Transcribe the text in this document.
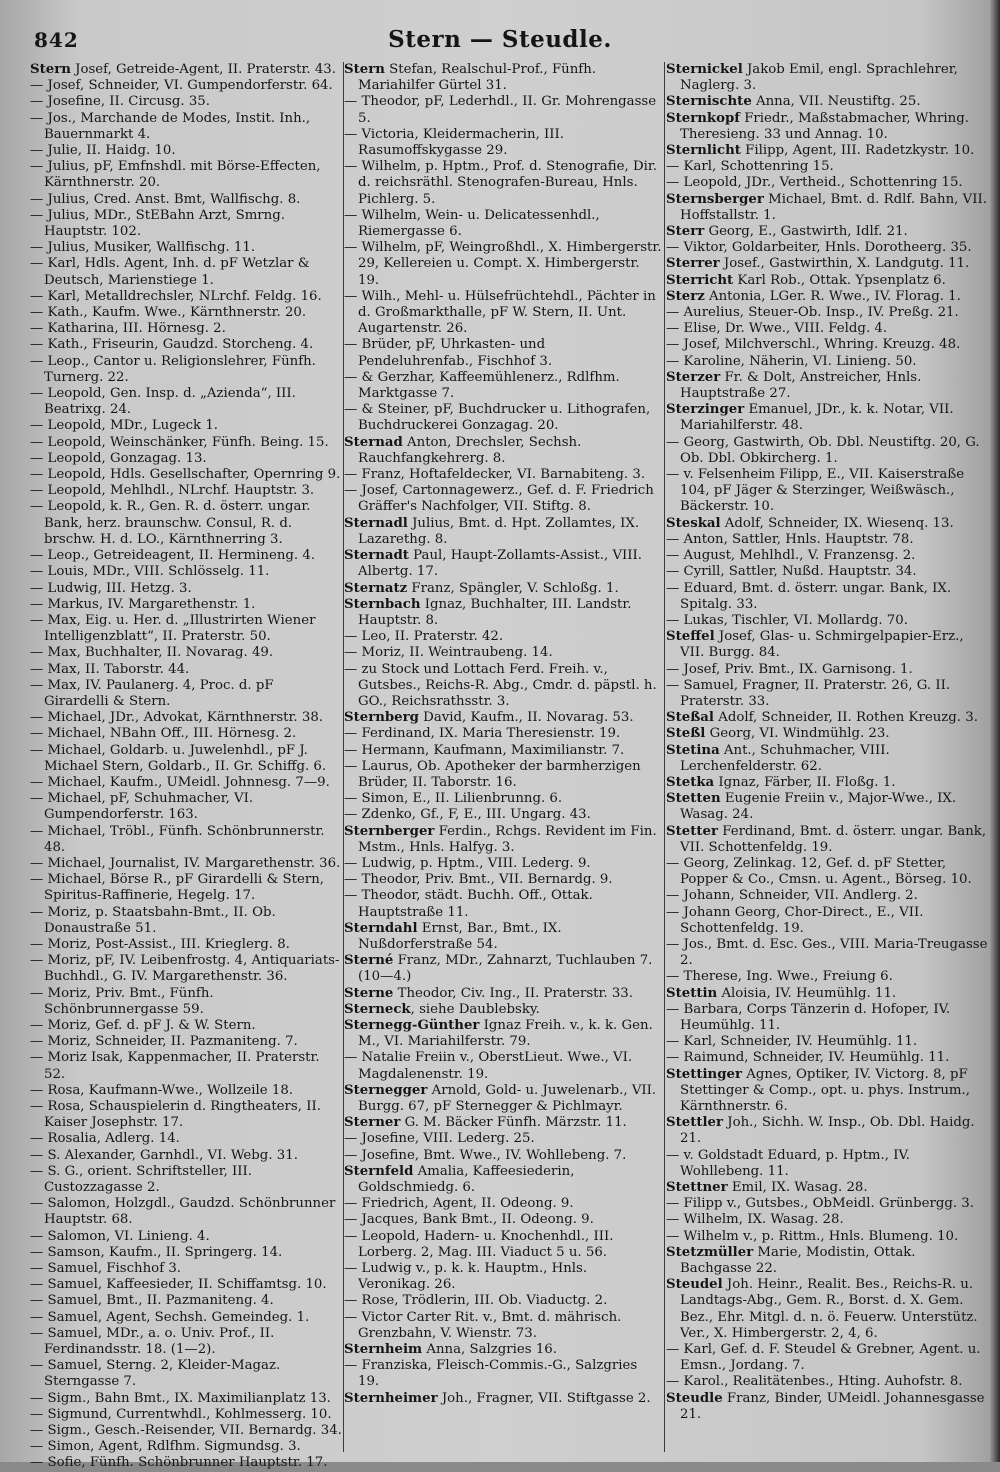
842	Stern — Steudle.

Stern Josef, Getreide-Agent, II. Praterstr. 43.

— Josef, Schneider, VI. Gumpendorferstr. 64.

— Josefine, II. Circusg. 35.

— Jos., Marchande de Modes, Instit. Inh., Bauernmarkt 4.

— Julie, II. Haidg. 10.

— Julius, pF, Emfnshdl. mit Börse-Effecten, Kärnthnerstr. 20.

— Julius, Cred. Anst. Bmt, Wallfischg. 8.

— Julius, MDr., StEBahn Arzt, Smrng. Hauptstr. 102.

— Julius, Musiker, Wallfischg. 11.

— Karl, Hdls. Agent, Inh. d. pF Wetzlar & Deutsch, Marienstiege 1.

— Karl, Metalldrechsler, NLrchf. Feldg. 16.

— Kath., Kaufm. Wwe., Kärnthnerstr. 20.

— Katharina, III. Hörnesg. 2.

— Kath., Friseurin, Gaudzd. Storcheng. 4.

— Leop., Cantor u. Religionslehrer, Fünfh. Turnerg. 22.

— Leopold, Gen. Insp. d. „Azienda“, III. Beatrixg. 24.

— Leopold, MDr., Lugeck 1.

— Leopold, Weinschänker, Fünfh. Being. 15.

— Leopold, Gonzagag. 13.

— Leopold, Hdls. Gesellschafter, Opernring 9.

— Leopold, Mehlhdl., NLrchf. Hauptstr. 3.

— Leopold, k. R., Gen. R. d. österr. ungar. Bank, herz. braunschw. Consul, R. d. brschw. H. d. LO., Kärnthnerring 3.

— Leop., Getreideagent, II. Hermineng. 4.

— Louis, MDr., VIII. Schlösselg. 11.

— Ludwig, III. Hetzg. 3.

— Markus, IV. Margarethenstr. 1.

— Max, Eig. u. Her. d. „Illustrirten Wiener Intelligenzblatt“, II. Praterstr. 50.

— Max, Buchhalter, II. Novarag. 49.

— Max, II. Taborstr. 44.

— Max, IV. Paulanerg. 4, Proc. d. pF Girardelli & Stern.

— Michael, JDr., Advokat, Kärnthnerstr. 38.

— Michael, NBahn Off., III. Hörnesg. 2.

— Michael, Goldarb. u. Juwelenhdl., pF J. Michael Stern, Goldarb., II. Gr. Schiffg. 6.

— Michael, Kaufm., UMeidl. Johnnesg. 7—9.

— Michael, pF, Schuhmacher, VI. Gumpendorferstr. 163.

— Michael, Tröbl., Fünfh. Schönbrunnerstr. 48.

— Michael, Journalist, IV. Margarethenstr. 36.

— Michael, Börse R., pF Girardelli & Stern, Spiritus-Raffinerie, Hegelg. 17.

— Moriz, p. Staatsbahn-Bmt., II. Ob. Donaustraße 51.

— Moriz, Post-Assist., III. Krieglerg. 8.

— Moriz, pF, IV. Leibenfrostg. 4, Antiquariats-Buchhdl., G. IV. Margarethenstr. 36.

— Moriz, Priv. Bmt., Fünfh. Schönbrunnergasse 59.

— Moriz, Gef. d. pF J. & W. Stern.

— Moriz, Schneider, II. Pazmaniteng. 7.

— Moriz Isak, Kappenmacher, II. Praterstr. 52.

— Rosa, Kaufmann-Wwe., Wollzeile 18.

— Rosa, Schauspielerin d. Ringtheaters, II. Kaiser Josephstr. 17.

— Rosalia, Adlerg. 14.

— S. Alexander, Garnhdl., VI. Webg. 31.

— S. G., orient. Schriftsteller, III. Custozzagasse 2.

— Salomon, Holzgdl., Gaudzd. Schönbrunner Hauptstr. 68.

— Salomon, VI. Linieng. 4.

— Samson, Kaufm., II. Springerg. 14.

— Samuel, Fischhof 3.

— Samuel, Kaffeesieder, II. Schiffamtsg. 10.

— Samuel, Bmt., II. Pazmaniteng. 4.

— Samuel, Agent, Sechsh. Gemeindeg. 1.

— Samuel, MDr., a. o. Univ. Prof., II. Ferdinandsstr. 18. (1—2).

— Samuel, Sterng. 2, Kleider-Magaz. Sterngasse 7.

— Sigm., Bahn Bmt., IX. Maximilianplatz 13.

— Sigmund, Currentwhdl., Kohlmesserg. 10.

— Sigm., Gesch.-Reisender, VII. Bernardg. 34.

— Simon, Agent, Rdlfhm. Sigmundsg. 3.

— Sofie, Fünfh. Schönbrunner Hauptstr. 17.

Stern Stefan, Realschul-Prof., Fünfh. Mariahilfer Gürtel 31.

— Theodor, pF, Lederhdl., II. Gr. Mohrengasse 5.

— Victoria, Kleidermacherin, III. Rasumoffskygasse 29.

— Wilhelm, p. Hptm., Prof. d. Stenografie, Dir. d. reichsräthl. Stenografen-Bureau, Hnls. Pichlerg. 5.

— Wilhelm, Wein- u. Delicatessenhdl., Riemergasse 6.

— Wilhelm, pF, Weingroßhdl., X. Himbergerstr. 29, Kellereien u. Compt. X. Himbergerstr. 19.

— Wilh., Mehl- u. Hülsefrüchtehdl., Pächter in d. Großmarkthalle, pF W. Stern, II. Unt. Augartenstr. 26.

— Brüder, pF, Uhrkasten- und Pendeluhrenfab., Fischhof 3.

— & Gerzhar, Kaffeemühlenerz., Rdlfhm. Marktgasse 7.

— & Steiner, pF, Buchdrucker u. Lithografen, Buchdruckerei Gonzagag. 20.

Sternad Anton, Drechsler, Sechsh. Rauchfangkehrerg. 8.

— Franz, Hoftafeldecker, VI. Barnabiteng. 3.

— Josef, Cartonnagewerz., Gef. d. F. Friedrich Gräffer's Nachfolger, VII. Stiftg. 8.

Sternadl Julius, Bmt. d. Hpt. Zollamtes, IX. Lazarethg. 8.

Sternadt Paul, Haupt-Zollamts-Assist., VIII. Albertg. 17.

Sternatz Franz, Spängler, V. Schloßg. 1.

Sternbach Ignaz, Buchhalter, III. Landstr. Hauptstr. 8.

— Leo, II. Praterstr. 42.

— Moriz, II. Weintraubeng. 14.

— zu Stock und Lottach Ferd. Freih. v., Gutsbes., Reichs-R. Abg., Cmdr. d. päpstl. h. GO., Reichsrathsstr. 3.

Sternberg David, Kaufm., II. Novarag. 53.

— Ferdinand, IX. Maria Theresienstr. 19.

— Hermann, Kaufmann, Maximilianstr. 7.

— Laurus, Ob. Apotheker der barmherzigen Brüder, II. Taborstr. 16.

— Simon, E., II. Lilienbrunng. 6.

— Zdenko, Gf., F, E., III. Ungarg. 43.

Sternberger Ferdin., Rchgs. Revident im Fin. Mstm., Hnls. Halfyg. 3.

— Ludwig, p. Hptm., VIII. Lederg. 9.

— Theodor, Priv. Bmt., VII. Bernardg. 9.

— Theodor, städt. Buchh. Off., Ottak. Hauptstraße 11.

Sterndahl Ernst, Bar., Bmt., IX. Nußdorferstraße 54.

Sterné Franz, MDr., Zahnarzt, Tuchlauben 7. (10—4.)

Sterne Theodor, Civ. Ing., II. Praterstr. 33.

Sterneck, siehe Daublebsky.

Sternegg-Günther Ignaz Freih. v., k. k. Gen. M., VI. Mariahilferstr. 79.

— Natalie Freiin v., OberstLieut. Wwe., VI. Magdalenenstr. 19.

Sternegger Arnold, Gold- u. Juwelenarb., VII. Burgg. 67, pF Sternegger & Pichlmayr.

Sterner G. M. Bäcker Fünfh. Märzstr. 11.

— Josefine, VIII. Lederg. 25.

— Josefine, Bmt. Wwe., IV. Wohllebeng. 7.

Sternfeld Amalia, Kaffeesiederin, Goldschmiedg. 6.

— Friedrich, Agent, II. Odeong. 9.

— Jacques, Bank Bmt., II. Odeong. 9.

— Leopold, Hadern- u. Knochenhdl., III. Lorberg. 2, Mag. III. Viaduct 5 u. 56.

— Ludwig v., p. k. k. Hauptm., Hnls. Veronikag. 26.

— Rose, Trödlerin, III. Ob. Viaductg. 2.

— Victor Carter Rit. v., Bmt. d. mährisch. Grenzbahn, V. Wienstr. 73.

Sternheim Anna, Salzgries 16.

— Franziska, Fleisch-Commis.-G., Salzgries 19.

Sternheimer Joh., Fragner, VII. Stiftgasse 2.

Sternickel Jakob Emil, engl. Sprachlehrer, Naglerg. 3.

Sternischte Anna, VII. Neustiftg. 25.

Sternkopf Friedr., Maßstabmacher, Whring. Theresieng. 33 und Annag. 10.

Sternlicht Filipp, Agent, III. Radetzkystr. 10.

— Karl, Schottenring 15.

— Leopold, JDr., Vertheid., Schottenring 15.

Sternsberger Michael, Bmt. d. Rdlf. Bahn, VII. Hoffstallstr. 1.

Sterr Georg, E., Gastwirth, Idlf. 21.

— Viktor, Goldarbeiter, Hnls. Dorotheerg. 35.

Sterrer Josef., Gastwirthin, X. Landgutg. 11.

Sterricht Karl Rob., Ottak. Ypsenplatz 6.

Sterz Antonia, LGer. R. Wwe., IV. Florag. 1.

— Aurelius, Steuer-Ob. Insp., IV. Preßg. 21.

— Elise, Dr. Wwe., VIII. Feldg. 4.

— Josef, Milchverschl., Whring. Kreuzg. 48.

— Karoline, Näherin, VI. Linieng. 50.

Sterzer Fr. & Dolt, Anstreicher, Hnls. Hauptstraße 27.

Sterzinger Emanuel, JDr., k. k. Notar, VII. Mariahilferstr. 48.

— Georg, Gastwirth, Ob. Dbl. Neustiftg. 20, G. Ob. Dbl. Obkircherg. 1.

— v. Felsenheim Filipp, E., VII. Kaiserstraße 104, pF Jäger & Sterzinger, Weißwäsch., Bäckerstr. 10.

Steskal Adolf, Schneider, IX. Wiesenq. 13.

— Anton, Sattler, Hnls. Hauptstr. 78.

— August, Mehlhdl., V. Franzensg. 2.

— Cyrill, Sattler, Nußd. Hauptstr. 34.

— Eduard, Bmt. d. österr. ungar. Bank, IX. Spitalg. 33.

— Lukas, Tischler, VI. Mollardg. 70.

Steffel Josef, Glas- u. Schmirgelpapier-Erz., VII. Burgg. 84.

— Josef, Priv. Bmt., IX. Garnisong. 1.

— Samuel, Fragner, II. Praterstr. 26, G. II. Praterstr. 33.

Steßal Adolf, Schneider, II. Rothen Kreuzg. 3.

Steßl Georg, VI. Windmühlg. 23.

Stetina Ant., Schuhmacher, VIII. Lerchenfelderstr. 62.

Stetka Ignaz, Färber, II. Floßg. 1.

Stetten Eugenie Freiin v., Major-Wwe., IX. Wasag. 24.

Stetter Ferdinand, Bmt. d. österr. ungar. Bank, VII. Schottenfeldg. 19.

— Georg, Zelinkag. 12, Gef. d. pF Stetter, Popper & Co., Cmsn. u. Agent., Börseg. 10.

— Johann, Schneider, VII. Andlerg. 2.

— Johann Georg, Chor-Direct., E., VII. Schottenfeldg. 19.

— Jos., Bmt. d. Esc. Ges., VIII. Maria-Treugasse 2.

— Therese, Ing. Wwe., Freiung 6.

Stettin Aloisia, IV. Heumühlg. 11.

— Barbara, Corps Tänzerin d. Hofoper, IV. Heumühlg. 11.

— Karl, Schneider, IV. Heumühlg. 11.

— Raimund, Schneider, IV. Heumühlg. 11.

Stettinger Agnes, Optiker, IV. Victorg. 8, pF Stettinger & Comp., opt. u. phys. Instrum., Kärnthnerstr. 6.

Stettler Joh., Sichh. W. Insp., Ob. Dbl. Haidg. 21.

— v. Goldstadt Eduard, p. Hptm., IV. Wohllebeng. 11.

Stettner Emil, IX. Wasag. 28.

— Filipp v., Gutsbes., ObMeidl. Grünbergg. 3.

— Wilhelm, IX. Wasag. 28.

— Wilhelm v., p. Rittm., Hnls. Blumeng. 10.

Stetzmüller Marie, Modistin, Ottak. Bachgasse 22.

Steudel Joh. Heinr., Realit. Bes., Reichs-R. u. Landtags-Abg., Gem. R., Borst. d. X. Gem. Bez., Ehr. Mitgl. d. n. ö. Feuerw. Unterstütz. Ver., X. Himbergerstr. 2, 4, 6.

— Karl, Gef. d. F. Steudel & Grebner, Agent. u. Emsn., Jordang. 7.

— Karol., Realitätenbes., Hting. Auhofstr. 8.

Steudle Franz, Binder, UMeidl. Johannesgasse 21.
